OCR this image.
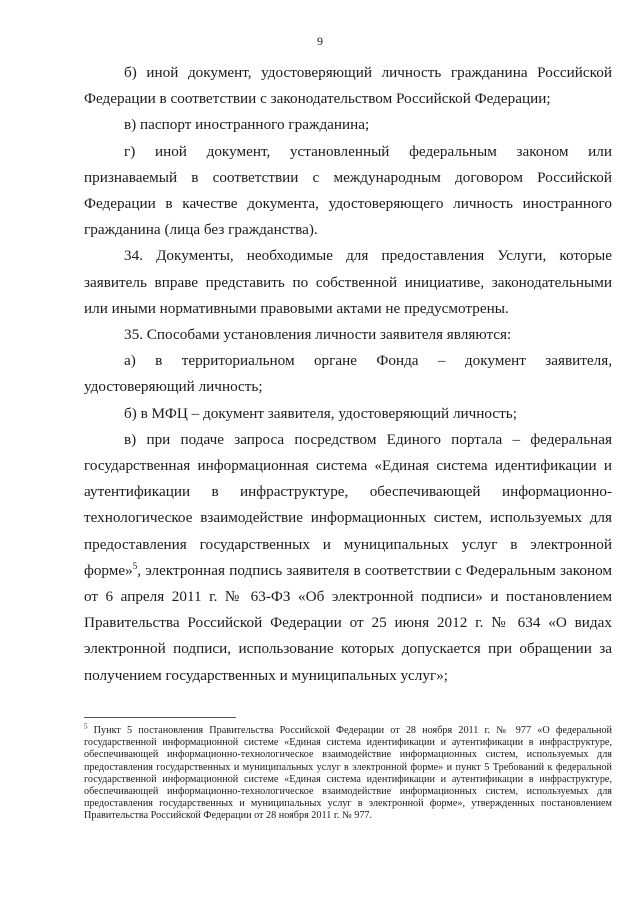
9

б) иной документ, удостоверяющий личность гражданина Российской Федерации в соответствии с законодательством Российской Федерации;

в) паспорт иностранного гражданина;

г) иной документ, установленный федеральным законом или признаваемый в соответствии с международным договором Российской Федерации в качестве документа, удостоверяющего личность иностранного гражданина (лица без гражданства).

34. Документы, необходимые для предоставления Услуги, которые заявитель вправе представить по собственной инициативе, законодательными или иными нормативными правовыми актами не предусмотрены.

35. Способами установления личности заявителя являются:

а) в территориальном органе Фонда – документ заявителя, удостоверяющий личность;

б) в МФЦ – документ заявителя, удостоверяющий личность;

в) при подаче запроса посредством Единого портала – федеральная государственная информационная система «Единая система идентификации и аутентификации в инфраструктуре, обеспечивающей информационно-технологическое взаимодействие информационных систем, используемых для предоставления государственных и муниципальных услуг в электронной форме»$^5$, электронная подпись заявителя в соответствии с Федеральным законом от 6 апреля 2011 г. № 63-ФЗ «Об электронной подписи» и постановлением Правительства Российской Федерации от 25 июня 2012 г. № 634 «О видах электронной подписи, использование которых допускается при обращении за получением государственных и муниципальных услуг»;

$^5$ Пункт 5 постановления Правительства Российской Федерации от 28 ноября 2011 г. № 977 «О федеральной государственной информационной системе «Единая система идентификации и аутентификации в инфраструктуре, обеспечивающей информационно-технологическое взаимодействие информационных систем, используемых для предоставления государственных и муниципальных услуг в электронной форме» и пункт 5 Требований к федеральной государственной информационной системе «Единая система идентификации и аутентификации в инфраструктуре, обеспечивающей информационно-технологическое взаимодействие информационных систем, используемых для предоставления государственных и муниципальных услуг в электронной форме», утвержденных постановлением Правительства Российской Федерации от 28 ноября 2011 г. № 977.
